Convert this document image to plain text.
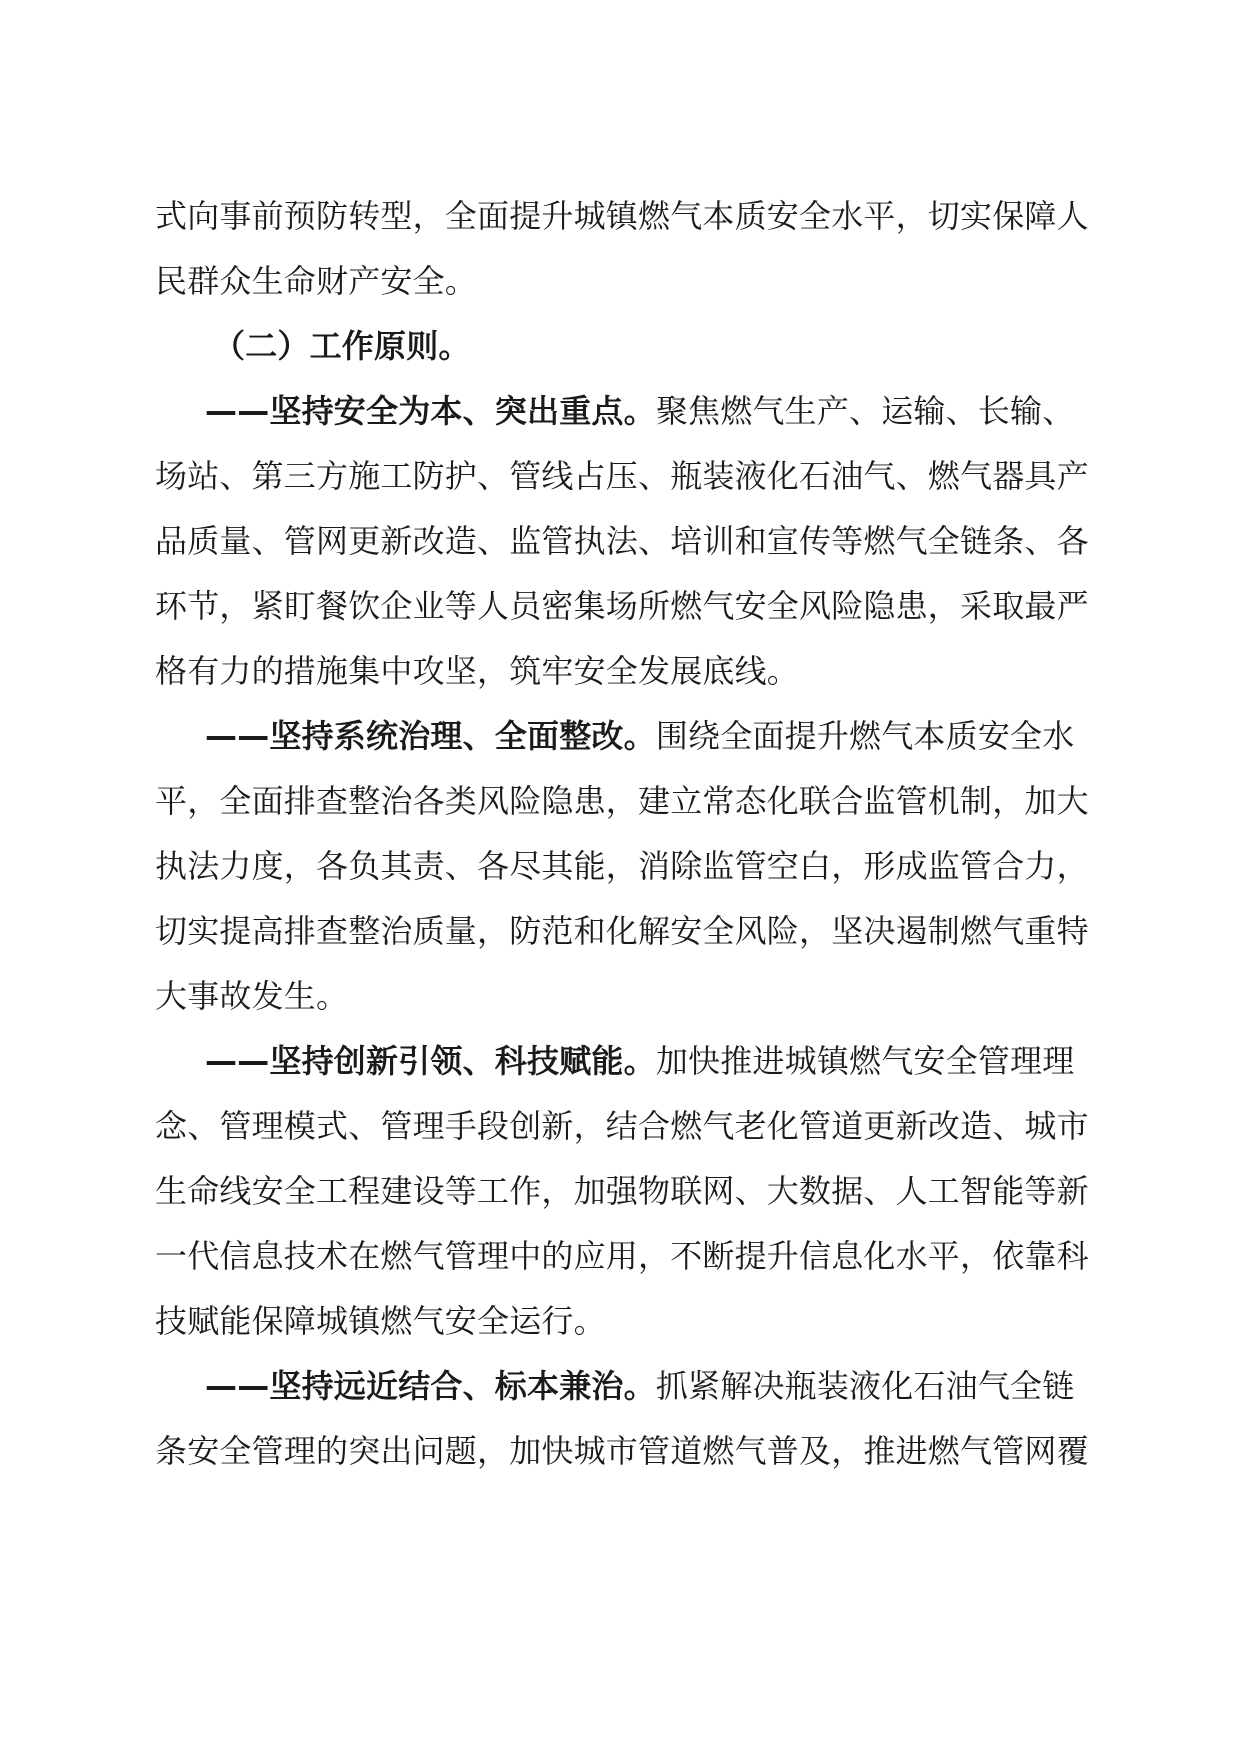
式向事前预防转型，全面提升城镇燃气本质安全水平，切实保障人
民群众生命财产安全。
（二）工作原则。
——坚持安全为本、突出重点。聚焦燃气生产、运输、长输、
场站、第三方施工防护、管线占压、瓶装液化石油气、燃气器具产
品质量、管网更新改造、监管执法、培训和宣传等燃气全链条、各
环节，紧盯餐饮企业等人员密集场所燃气安全风险隐患，采取最严
格有力的措施集中攻坚，筑牢安全发展底线。
——坚持系统治理、全面整改。围绕全面提升燃气本质安全水
平，全面排查整治各类风险隐患，建立常态化联合监管机制，加大
执法力度，各负其责、各尽其能，消除监管空白，形成监管合力，
切实提高排查整治质量，防范和化解安全风险，坚决遏制燃气重特
大事故发生。
——坚持创新引领、科技赋能。加快推进城镇燃气安全管理理
念、管理模式、管理手段创新，结合燃气老化管道更新改造、城市
生命线安全工程建设等工作，加强物联网、大数据、人工智能等新
一代信息技术在燃气管理中的应用，不断提升信息化水平，依靠科
技赋能保障城镇燃气安全运行。
——坚持远近结合、标本兼治。抓紧解决瓶装液化石油气全链
条安全管理的突出问题，加快城市管道燃气普及，推进燃气管网覆
